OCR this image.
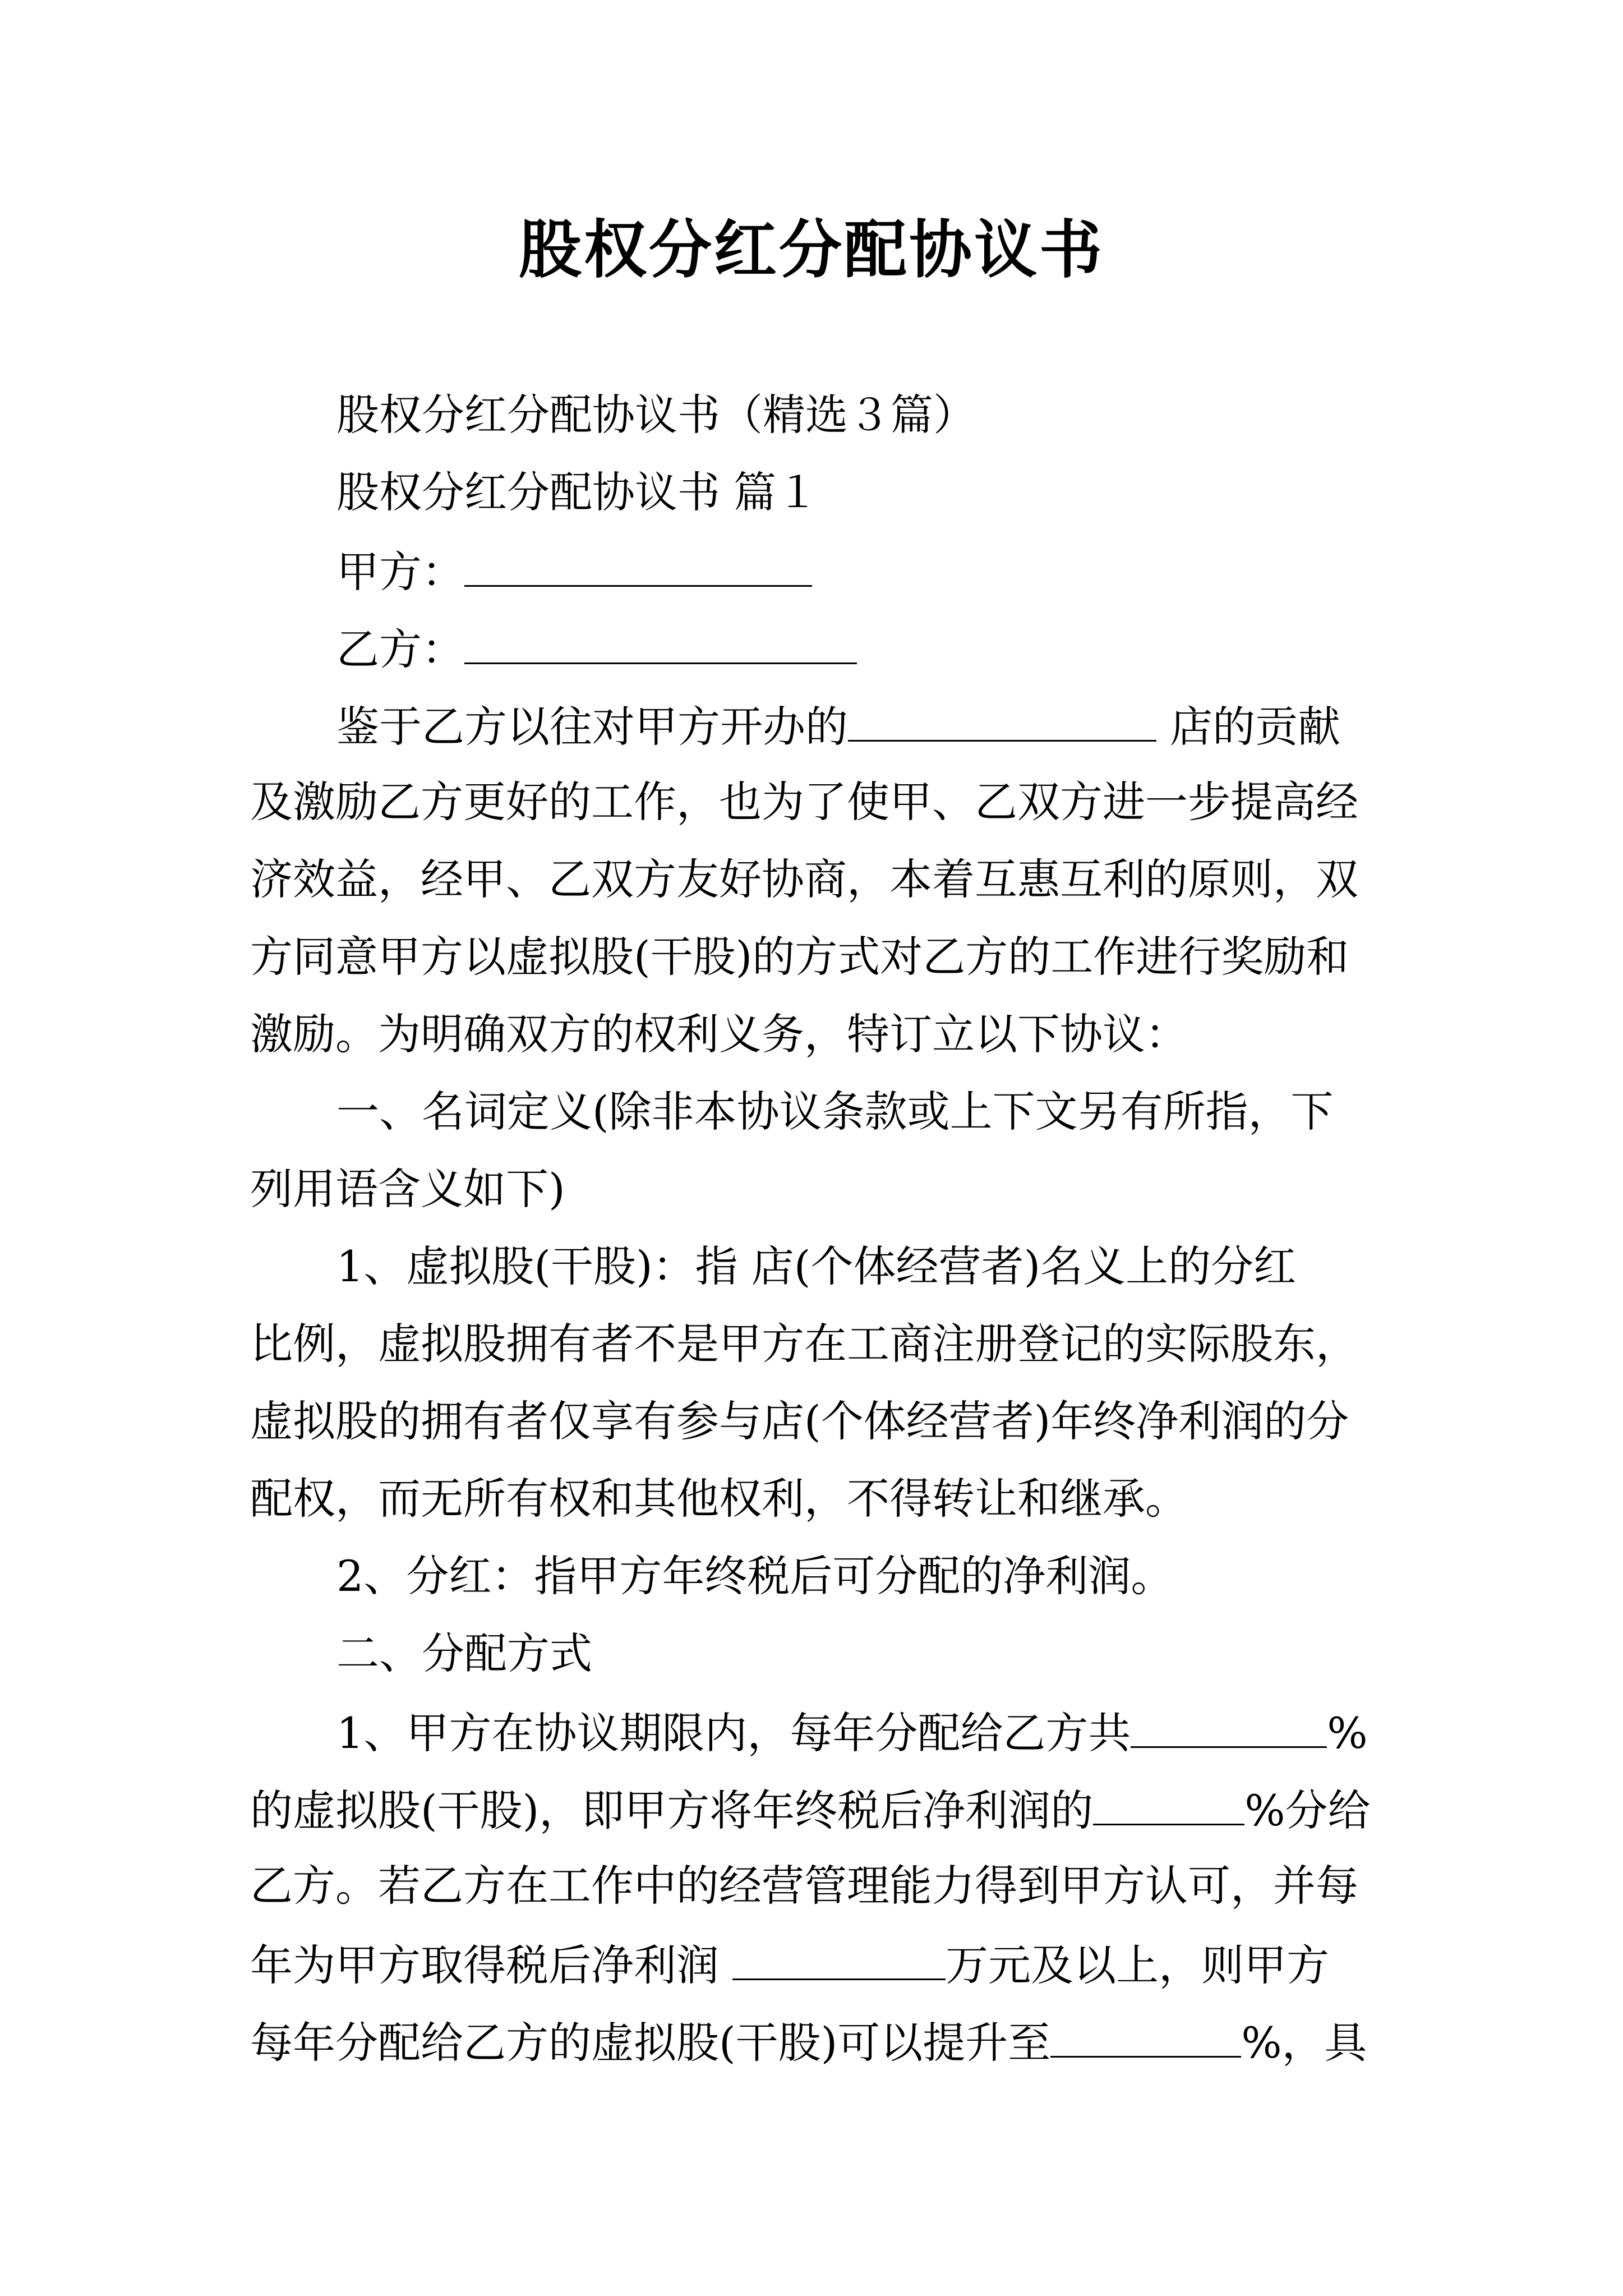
股权分红分配协议书
股权分红分配协议书（精选３篇）
股权分红分配协议书 篇１
甲方：
乙方：
鉴于乙方以往对甲方开办的	店的贡献
及激励乙方更好的工作，也为了使甲、乙双方进一步提高经
济效益，经甲、乙双方友好协商，本着互惠互利的原则，双
方同意甲方以虚拟股(干股)的方式对乙方的工作进行奖励和
激励。为明确双方的权利义务，特订立以下协议：
一、名词定义(除非本协议条款或上下文另有所指，下
列用语含义如下)
1、虚拟股(干股)：指 店(个体经营者)名义上的分红
比例，虚拟股拥有者不是甲方在工商注册登记的实际股东，
虚拟股的拥有者仅享有参与店(个体经营者)年终净利润的分
配权，而无所有权和其他权利，不得转让和继承。
2、分红：指甲方年终税后可分配的净利润。
二、分配方式
1、甲方在协议期限内，每年分配给乙方共	%
的虚拟股(干股)，即甲方将年终税后净利润的	%分给
乙方。若乙方在工作中的经营管理能力得到甲方认可，并每
年为甲方取得税后净利润	万元及以上，则甲方
每年分配给乙方的虚拟股(干股)可以提升至	%，具
